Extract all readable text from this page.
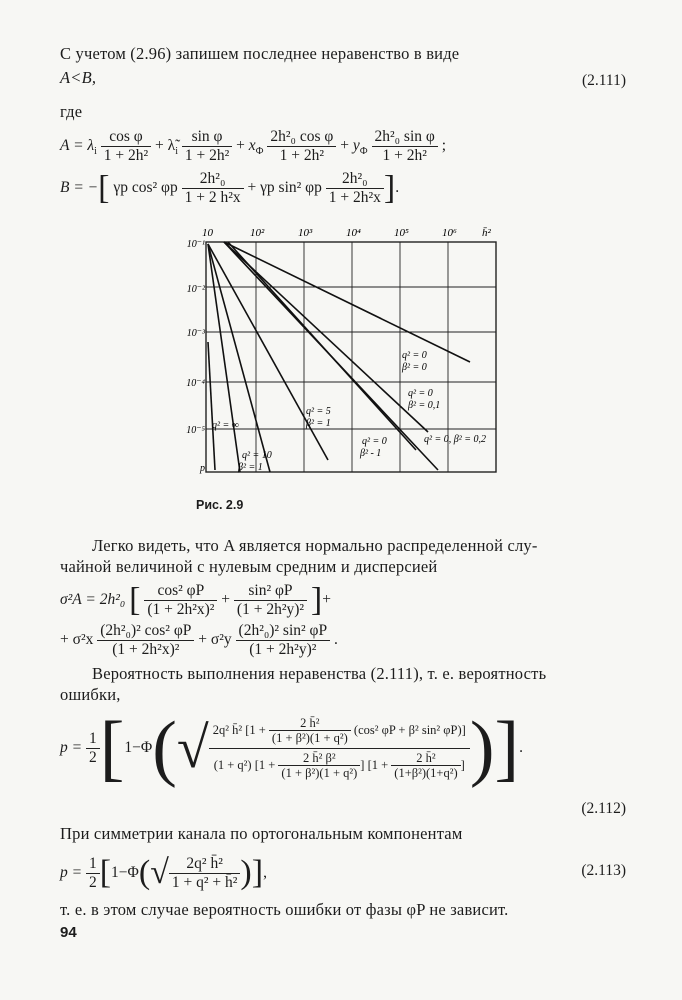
С учетом (2.96) запишем последнее неравенство в виде
A<B,	(2.111)
где
$A = \lambda_i \frac{\text{cos φ}}{\text{1 + 2h²}}$ + $\lambdã_i \frac{\text{sin φ}}{\text{1 + 2h²}} + x_Ф \frac{\text{2h²₀ cos φ}}{\text{1 + 2h²}} + y_Ф \frac{\text{2h²₀ sin φ}}{\text{1 + 2h²}}$ ;
B = −[ γp cos² φp $\frac{\text{2h²₀}}{\text{1 + 2 h²x}} + \gamma p$ sin² φp $\frac{\text{2h²₀}}{\text{1 + 2h²x}}$ ].
10	10²	10³	10⁴	10⁵	10⁶ h̄²
10⁻¹
10⁻²
10⁻³
10⁻⁴
10⁻⁵
p
q² = ∞
q² = 10
β² = 1
q² = 5
β² = 1
q² = 0
β² = 0
q² = 0
β² = 0,1
q² = 0
β² - 1
q² = 0, β² = 0,2
Рис. 2.9
Легко видеть, что A является нормально распределенной слу-
чайной величиной с нулевым средним и дисперсией
σ²A = 2h²₀ [ $\frac{\text{cos² φP}}{\text{(1 + 2h²x)²}} + \frac{\text{sin² φP}}{\text{(1 + 2h²y)²}}$ ]+
+ $\sigma^2x \frac{\text{(2h²₀)² cos² φP}}{\text{(1 + 2h²x)²}} + \sigma^2y \frac{\text{(2h²₀)² sin² φP}}{\text{(1 + 2h²y)²}}$ .
Вероятность выполнения неравенства (2.111), т. е. вероятность
ошибки,
p =
$\frac{1}{2}$ [ 1−Φ ( √ 2q² h̄² [$1 + \frac{\text{2 h̄²}}{\text{(1 + β²)(1 + q²)}} (\cos^2$ φP + β² sin² φP)]
(1 + q²) [$1 + \frac{\text{2 h̄² β²}}{\text{(1 + β²)(1 + q²)}}$ ] [$1 + \frac{\text{2 h̄²}}{\text{(1+β²)(1+q²)}}$ ] ) ] .
(2.112)
При симметрии канала по ортогональным компонентам
p =
$\frac{1}{2}$ [ 1−Φ ( √ $\frac{\text{2q² h̄²}}{\text{1 + q² + h̄²}}$ ) ] ,	(2.113)
т. е. в этом случае вероятность ошибки от фазы φP не зависит.
94
